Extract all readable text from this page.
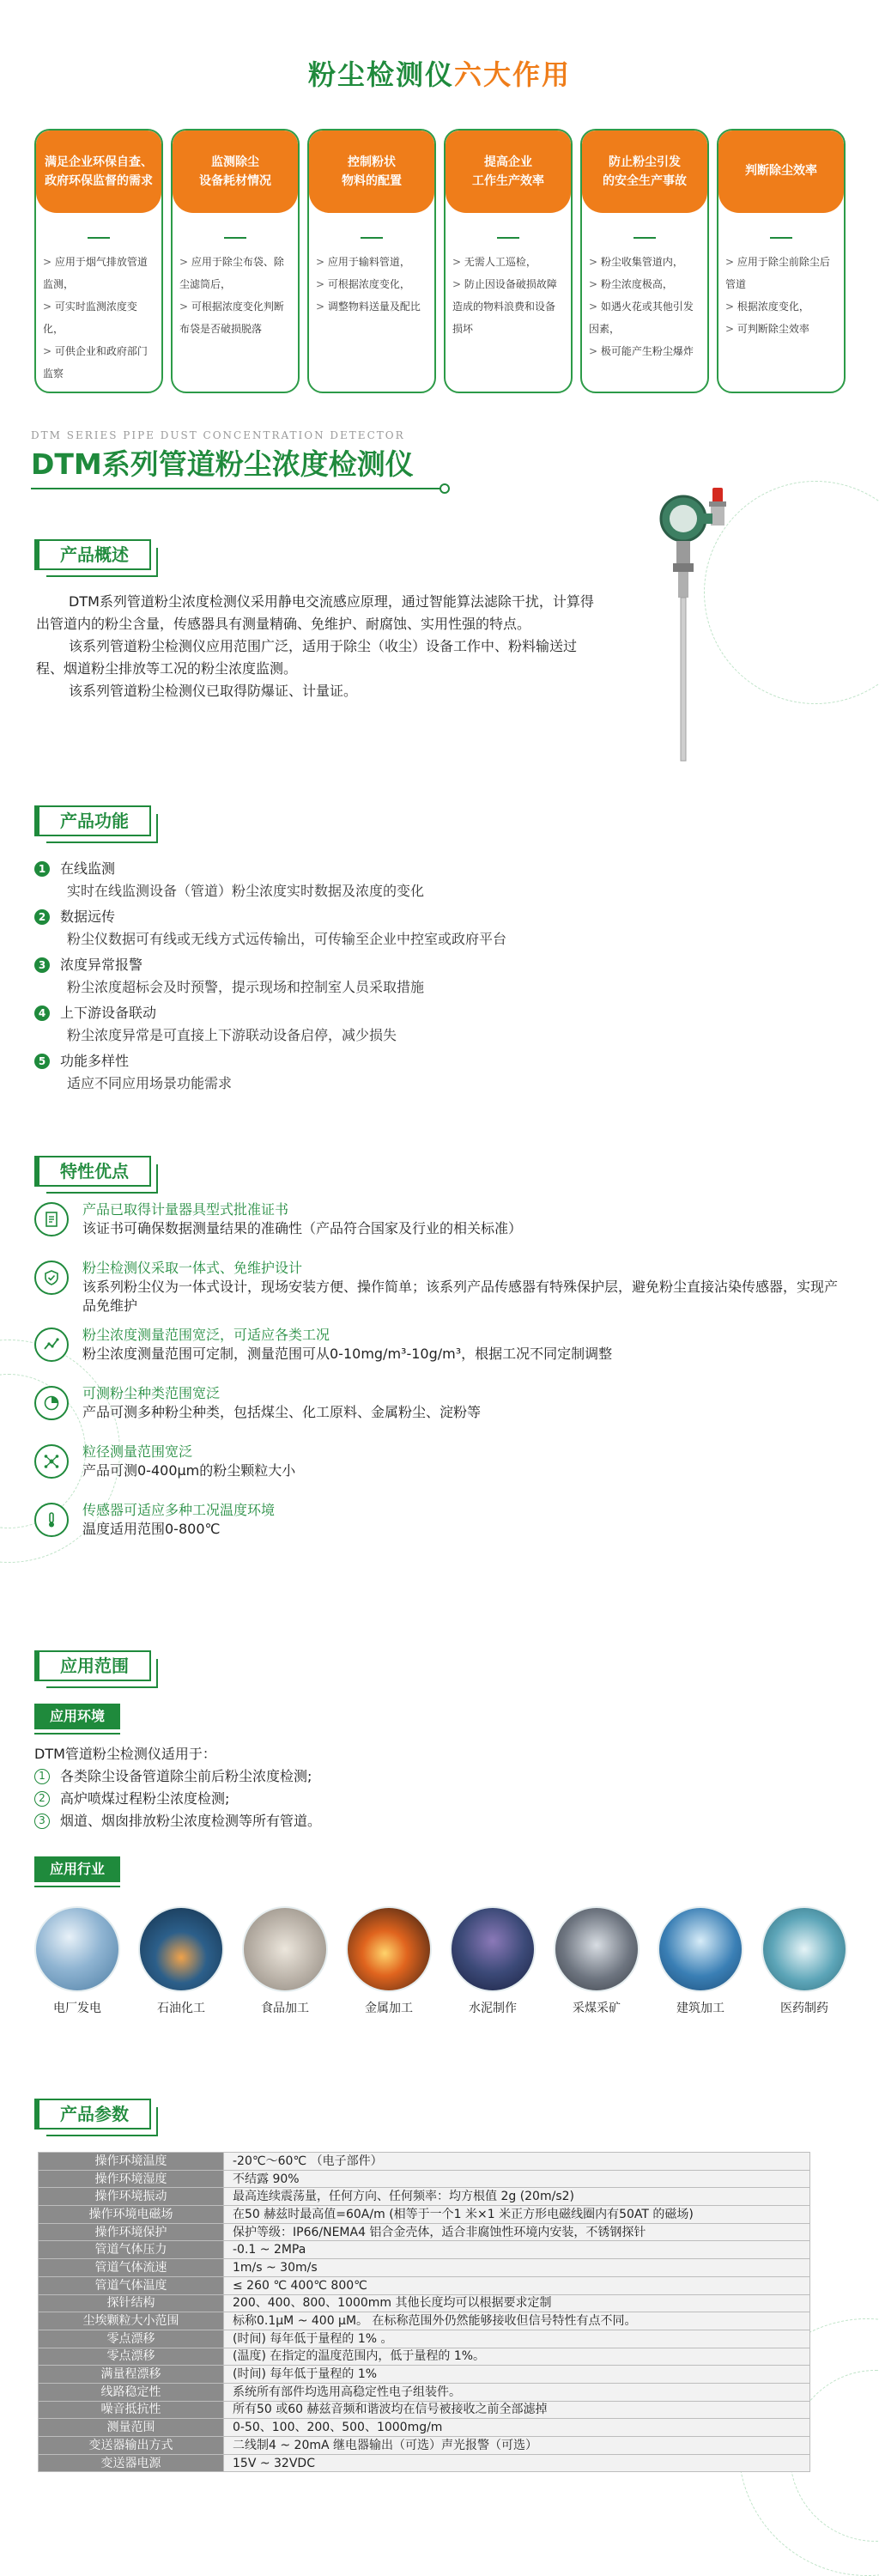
粉尘检测仪六大作用
满足企业环保自查、
政府环保监督的需求
> 应用于烟气排放管道监测，
> 可实时监测浓度变化，
> 可供企业和政府部门监察
监测除尘
设备耗材情况
> 应用于除尘布袋、除尘滤筒后，
> 可根据浓度变化判断布袋是否破损脱落
控制粉状
物料的配置
> 应用于输料管道，
> 可根据浓度变化，
> 调整物料送量及配比
提高企业
工作生产效率
> 无需人工巡检，
> 防止因设备破损故障造成的物料浪费和设备损坏
防止粉尘引发
的安全生产事故
> 粉尘收集管道内，
> 粉尘浓度极高，
> 如遇火花或其他引发因素，
> 极可能产生粉尘爆炸
判断除尘效率
> 应用于除尘前除尘后管道
> 根据浓度变化，
> 可判断除尘效率
DTM SERIES PIPE DUST CONCENTRATION DETECTOR
DTM系列管道粉尘浓度检测仪
产品概述

DTM系列管道粉尘浓度检测仪采用静电交流感应原理，通过智能算法滤除干扰，计算得出管道内的粉尘含量，传感器具有测量精确、免维护、耐腐蚀、实用性强的特点。

该系列管道粉尘检测仪应用范围广泛，适用于除尘（收尘）设备工作中、粉料输送过程、烟道粉尘排放等工况的粉尘浓度监测。

该系列管道粉尘检测仪已取得防爆证、计量证。

产品功能
1	在线监测
实时在线监测设备（管道）粉尘浓度实时数据及浓度的变化
2	数据远传
粉尘仪数据可有线或无线方式远传输出，可传输至企业中控室或政府平台
3	浓度异常报警
粉尘浓度超标会及时预警，提示现场和控制室人员采取措施
4	上下游设备联动
粉尘浓度异常是可直接上下游联动设备启停，减少损失
5	功能多样性
适应不同应用场景功能需求
特性优点
产品已取得计量器具型式批准证书
该证书可确保数据测量结果的准确性（产品符合国家及行业的相关标准）
粉尘检测仪采取一体式、免维护设计
该系列粉尘仪为一体式设计，现场安装方便、操作简单；该系列产品传感器有特殊保护层，避免粉尘直接沾染传感器，实现产品免维护
粉尘浓度测量范围宽泛，可适应各类工况
粉尘浓度测量范围可定制，测量范围可从0-10mg/m³-10g/m³，根据工况不同定制调整
可测粉尘种类范围宽泛
产品可测多种粉尘种类，包括煤尘、化工原料、金属粉尘、淀粉等
粒径测量范围宽泛
产品可测0-400μm的粉尘颗粒大小
传感器可适应多种工况温度环境
温度适用范围0-800℃
应用范围
应用环境
DTM管道粉尘检测仪适用于：
1	各类除尘设备管道除尘前后粉尘浓度检测;
2	高炉喷煤过程粉尘浓度检测;
3	烟道、烟囱排放粉尘浓度检测等所有管道。
应用行业
电厂发电	石油化工	食品加工	金属加工	水泥制作	采煤采矿	建筑加工	医药制药
产品参数
操作环境温度	-20℃～60℃ （电子部件）
操作环境湿度	不结露 90%
操作环境振动	最高连续震荡量，任何方向、任何频率：均方根值 2g (20m/s2)
操作环境电磁场	在50 赫兹时最高值=60A/m (相等于一个1 米×1 米正方形电磁线圈内有50AT 的磁场)
操作环境保护	保护等级：IP66/NEMA4 铝合金壳体，适合非腐蚀性环境内安装，不锈钢探针
管道气体压力	-0.1 ~ 2MPa
管道气体流速	1m/s ~ 30m/s
管道气体温度	≤ 260 ℃ 400℃ 800℃
探针结构	200、400、800、1000mm 其他长度均可以根据要求定制
尘埃颗粒大小范围	标称0.1μM ~ 400 μM。 在标称范围外仍然能够接收但信号特性有点不同。
零点漂移	(时间) 每年低于量程的 1% 。
零点漂移	(温度) 在指定的温度范围内，低于量程的 1%。
满量程漂移	(时间) 每年低于量程的 1%
线路稳定性	系统所有部件均选用高稳定性电子组装件。
噪音抵抗性	所有50 或60 赫兹音频和谐波均在信号被接收之前全部滤掉
测量范围	0-50、100、200、500、1000mg/m
变送器输出方式	二线制4 ~ 20mA 继电器输出（可选）声光报警（可选）
变送器电源	15V ~ 32VDC
